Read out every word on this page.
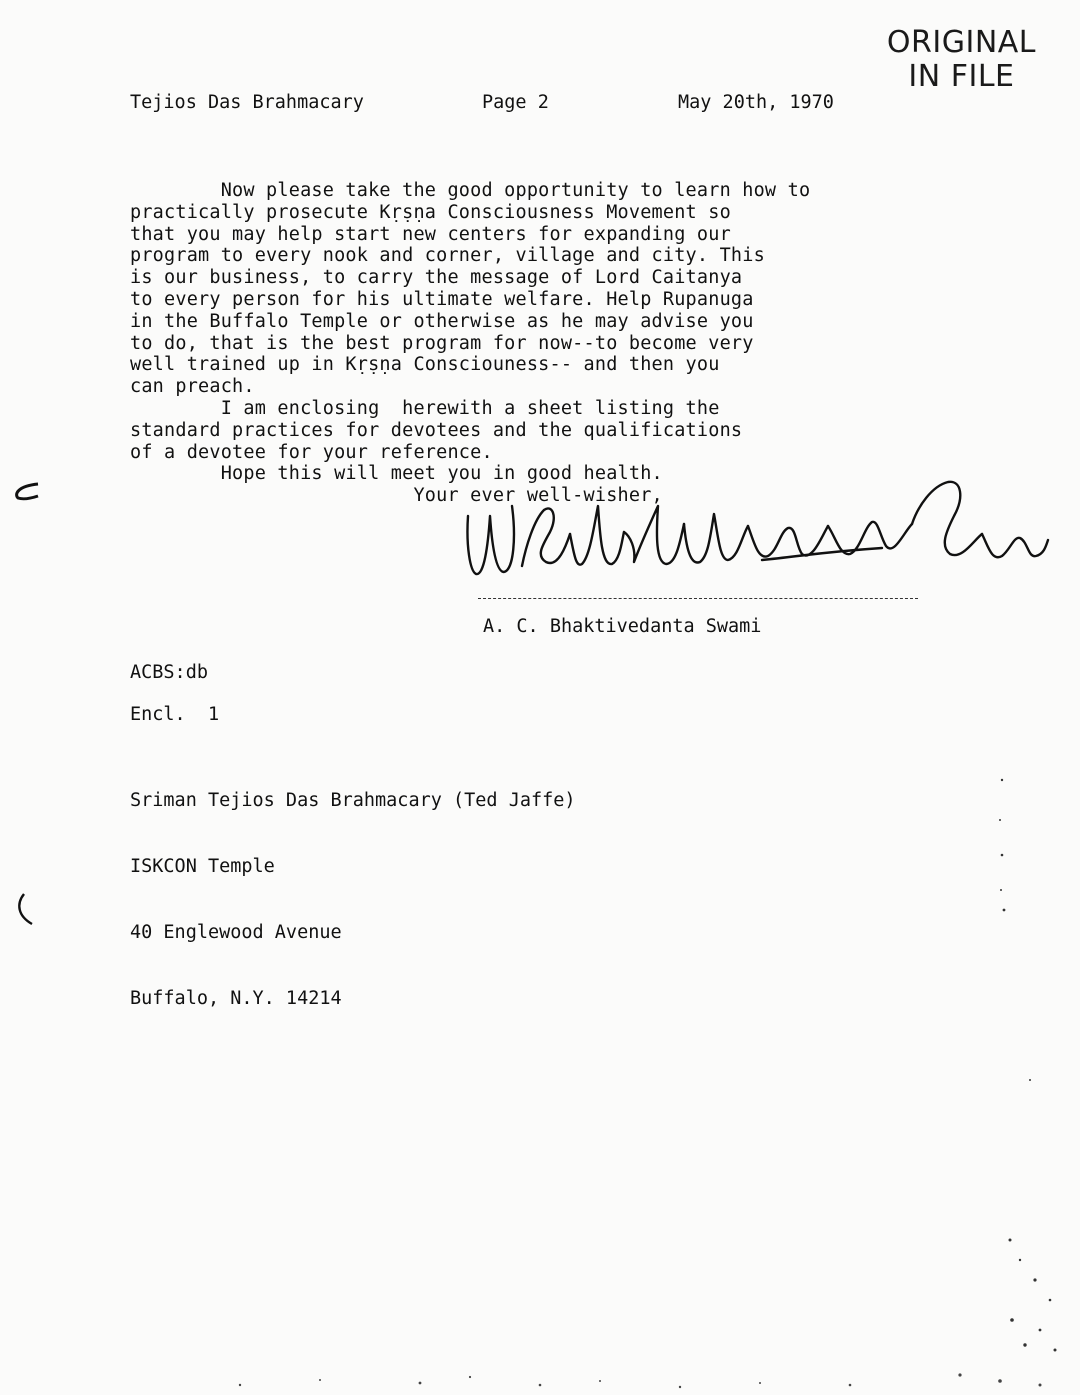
ORIGINAL
IN FILE
Tejios Das Brahmacary	Page 2	May 20th, 1970
Now please take the good opportunity to learn how to
practically prosecute Kṛṣṇa Consciousness Movement so
that you may help start new centers for expanding our
program to every nook and corner, village and city. This
is our business, to carry the message of Lord Caitanya
to every person for his ultimate welfare. Help Rupanuga
in the Buffalo Temple or otherwise as he may advise you
to do, that is the best program for now--to become very
well trained up in Kṛṣṇa Consciouness-- and then you
can preach.
I am enclosing  herewith a sheet listing the
standard practices for devotees and the qualifications
of a devotee for your reference.
Hope this will meet you in good health.
Your ever well-wisher,
A. C. Bhaktivedanta Swami
ACBS:db
Encl.  1

Sriman Tejios Das Brahmacary (Ted Jaffe)

ISKCON Temple

40 Englewood Avenue

Buffalo, N.Y. 14214
